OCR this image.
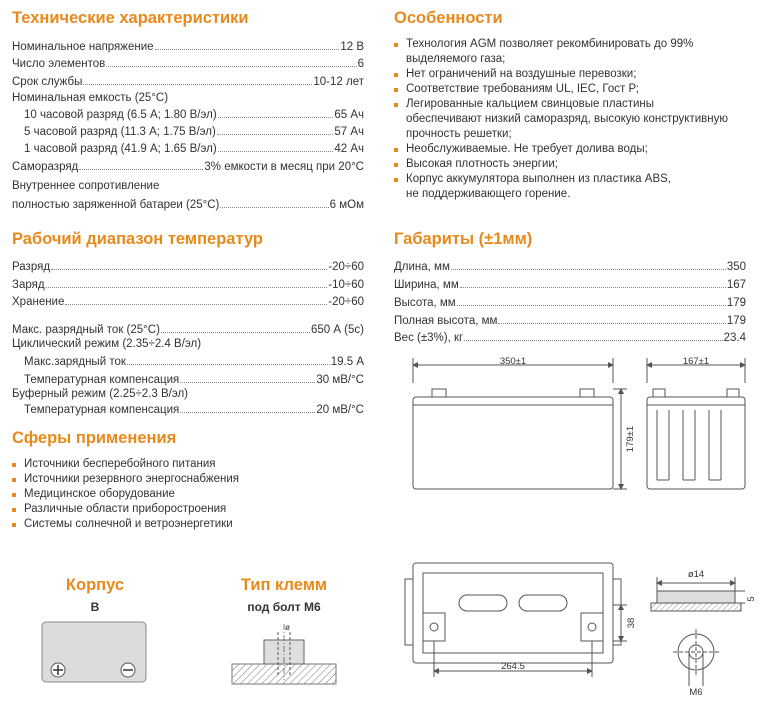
Технические характеристики
Номинальное напряжение	12 В
Число элементов	6
Срок службы	10-12 лет
Номинальная емкость (25°С)
10 часовой разряд (6.5 А; 1.80 В/эл)	65 Ач
5 часовой разряд (11.3 А; 1.75 В/эл)	57 Ач
1 часовой разряд (41.9 А; 1.65 В/эл)	42 Ач
Саморазряд	3% емкости в месяц при 20°С
Внутреннее сопротивление
полностью заряженной батареи (25°С)	6 мОм
Рабочий диапазон температур
Разряд	-20÷60
Заряд	-10÷60
Хранение	-20÷60
Макс. разрядный ток (25°С)	650 А (5с)
Циклический режим (2.35÷2.4 В/эл)
Макс.зарядный ток	19.5 А
Температурная компенсация	30 мВ/°С
Буферный режим (2.25÷2.3 В/эл)
Температурная компенсация	20 мВ/°С
Сферы применения
Источники бесперебойного питания
Источники резервного энергоснабжения
Медицинское оборудование
Различные области приборостроения
Системы солнечной и ветроэнергетики
Корпус
B
Тип клемм
под болт М6
ø
Особенности
Технология AGM позволяет рекомбинировать до 99%
выделяемого газа;
Нет ограничений на воздушные перевозки;
Соответствие требованиям UL, IEC, Гост Р;
Легированные кальцием свинцовые пластины
обеспечивают низкий саморазряд, высокую конструктивную
прочность решетки;
Необслуживаемые. Не требует долива воды;
Высокая плотность энергии;
Корпус аккумулятора выполнен из пластика ABS,
не поддерживающего горение.
Габариты (±1мм)
Длина, мм	350
Ширина, мм	167
Высота, мм	179
Полная высота, мм	179
Вес (±3%), кг	23.4
350±1	167±1
179±1
264.5
38
ø14
5
M6
